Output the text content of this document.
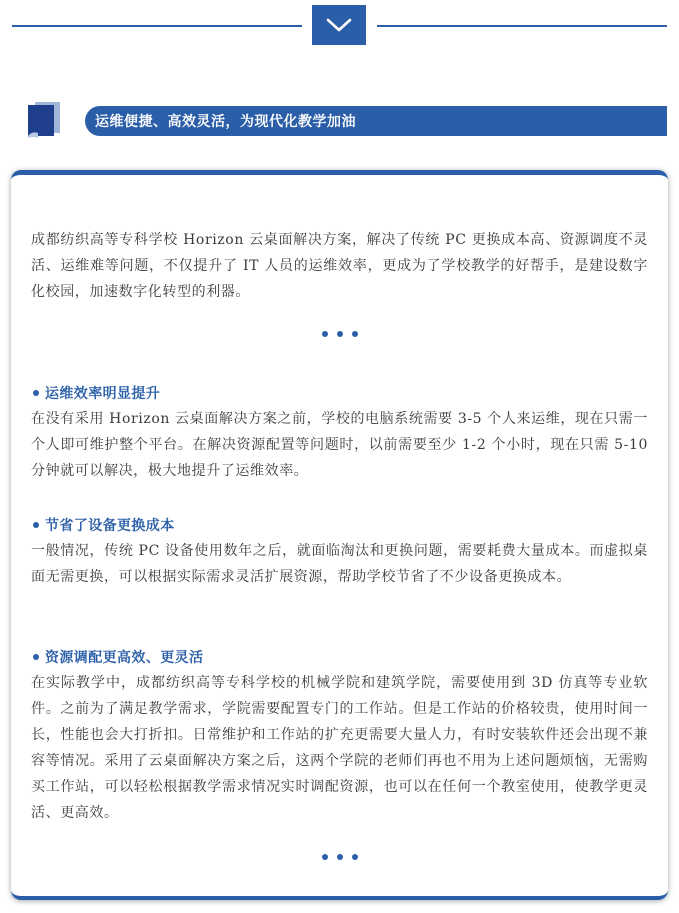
运维便捷、高效灵活，为现代化教学加油

成都纺织高等专科学校 Horizon 云桌面解决方案，解决了传统 PC 更换成本高、资源调度不灵活、运维难等问题，不仅提升了 IT 人员的运维效率，更成为了学校教学的好帮手，是建设数字化校园，加速数字化转型的利器。

运维效率明显提升

在没有采用 Horizon 云桌面解决方案之前，学校的电脑系统需要 3-5 个人来运维，现在只需一个人即可维护整个平台。在解决资源配置等问题时，以前需要至少 1-2 个小时，现在只需 5-10 分钟就可以解决，极大地提升了运维效率。

节省了设备更换成本

一般情况，传统 PC 设备使用数年之后，就面临淘汰和更换问题，需要耗费大量成本。而虚拟桌面无需更换，可以根据实际需求灵活扩展资源，帮助学校节省了不少设备更换成本。

资源调配更高效、更灵活

在实际教学中，成都纺织高等专科学校的机械学院和建筑学院，需要使用到 3D 仿真等专业软件。之前为了满足教学需求，学院需要配置专门的工作站。但是工作站的价格较贵，使用时间一长，性能也会大打折扣。日常维护和工作站的扩充更需要大量人力，有时安装软件还会出现不兼容等情况。采用了云桌面解决方案之后，这两个学院的老师们再也不用为上述问题烦恼，无需购买工作站，可以轻松根据教学需求情况实时调配资源，也可以在任何一个教室使用，使教学更灵活、更高效。
